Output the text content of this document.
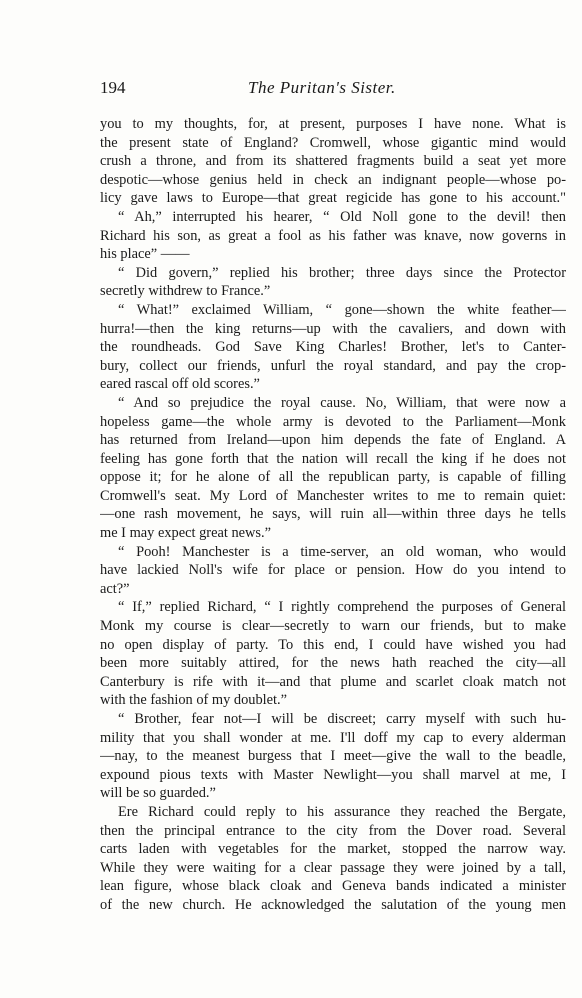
194	The Puritan's Sister.
you to my thoughts, for, at present, purposes I have none. What is
the present state of England? Cromwell, whose gigantic mind would
crush a throne, and from its shattered fragments build a seat yet more
despotic—whose genius held in check an indignant people—whose po-
licy gave laws to Europe—that great regicide has gone to his account."
“ Ah,” interrupted his hearer, “ Old Noll gone to the devil! then
Richard his son, as great a fool as his father was knave, now governs in
his place” ——
“ Did govern,” replied his brother; three days since the Protector
secretly withdrew to France.”
“ What!” exclaimed William, “ gone—shown the white feather—
hurra!—then the king returns—up with the cavaliers, and down with
the roundheads. God Save King Charles! Brother, let's to Canter-
bury, collect our friends, unfurl the royal standard, and pay the crop-
eared rascal off old scores.”
“ And so prejudice the royal cause. No, William, that were now a
hopeless game—the whole army is devoted to the Parliament—Monk
has returned from Ireland—upon him depends the fate of England. A
feeling has gone forth that the nation will recall the king if he does not
oppose it; for he alone of all the republican party, is capable of filling
Cromwell's seat. My Lord of Manchester writes to me to remain quiet:
—one rash movement, he says, will ruin all—within three days he tells
me I may expect great news.”
“ Pooh! Manchester is a time-server, an old woman, who would
have lackied Noll's wife for place or pension. How do you intend to
act?”
“ If,” replied Richard, “ I rightly comprehend the purposes of General
Monk my course is clear—secretly to warn our friends, but to make
no open display of party. To this end, I could have wished you had
been more suitably attired, for the news hath reached the city—all
Canterbury is rife with it—and that plume and scarlet cloak match not
with the fashion of my doublet.”
“ Brother, fear not—I will be discreet; carry myself with such hu-
mility that you shall wonder at me. I'll doff my cap to every alderman
—nay, to the meanest burgess that I meet—give the wall to the beadle,
expound pious texts with Master Newlight—you shall marvel at me, I
will be so guarded.”
Ere Richard could reply to his assurance they reached the Bergate,
then the principal entrance to the city from the Dover road. Several
carts laden with vegetables for the market, stopped the narrow way.
While they were waiting for a clear passage they were joined by a tall,
lean figure, whose black cloak and Geneva bands indicated a minister
of the new church. He acknowledged the salutation of the young men
